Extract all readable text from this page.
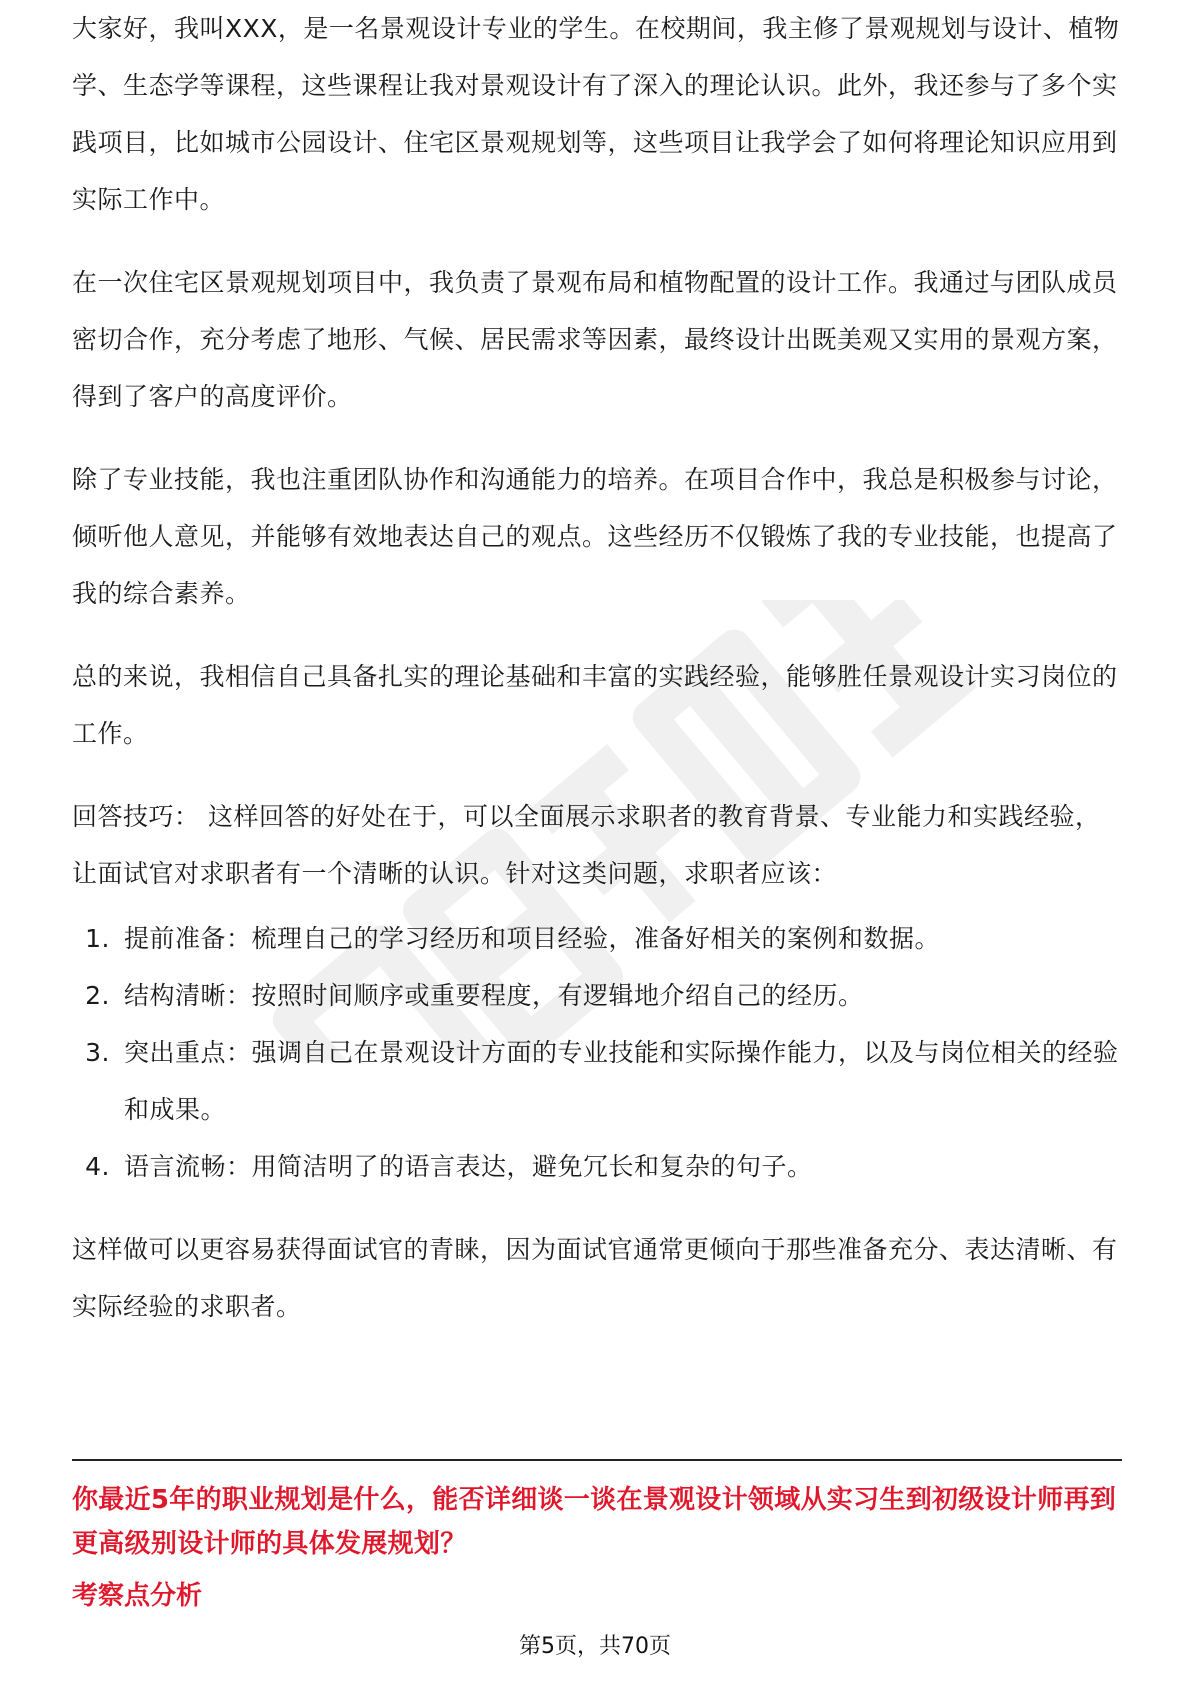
大家好，我叫XXX，是一名景观设计专业的学生。在校期间，我主修了景观规划与设计、植物学、生态学等课程，这些课程让我对景观设计有了深入的理论认识。此外，我还参与了多个实践项目，比如城市公园设计、住宅区景观规划等，这些项目让我学会了如何将理论知识应用到实际工作中。

在一次住宅区景观规划项目中，我负责了景观布局和植物配置的设计工作。我通过与团队成员密切合作，充分考虑了地形、气候、居民需求等因素，最终设计出既美观又实用的景观方案，得到了客户的高度评价。

除了专业技能，我也注重团队协作和沟通能力的培养。在项目合作中，我总是积极参与讨论，倾听他人意见，并能够有效地表达自己的观点。这些经历不仅锻炼了我的专业技能，也提高了我的综合素养。

总的来说，我相信自己具备扎实的理论基础和丰富的实践经验，能够胜任景观设计实习岗位的工作。

回答技巧： 这样回答的好处在于，可以全面展示求职者的教育背景、专业能力和实践经验，让面试官对求职者有一个清晰的认识。针对这类问题，求职者应该：

1. 提前准备：梳理自己的学习经历和项目经验，准备好相关的案例和数据。
2. 结构清晰：按照时间顺序或重要程度，有逻辑地介绍自己的经历。
3. 突出重点：强调自己在景观设计方面的专业技能和实际操作能力，以及与岗位相关的经验和成果。
4. 语言流畅：用简洁明了的语言表达，避免冗长和复杂的句子。

这样做可以更容易获得面试官的青睐，因为面试官通常更倾向于那些准备充分、表达清晰、有实际经验的求职者。

你最近5年的职业规划是什么，能否详细谈一谈在景观设计领域从实习生到初级设计师再到更高级别设计师的具体发展规划？
考察点分析
第5页，共70页
